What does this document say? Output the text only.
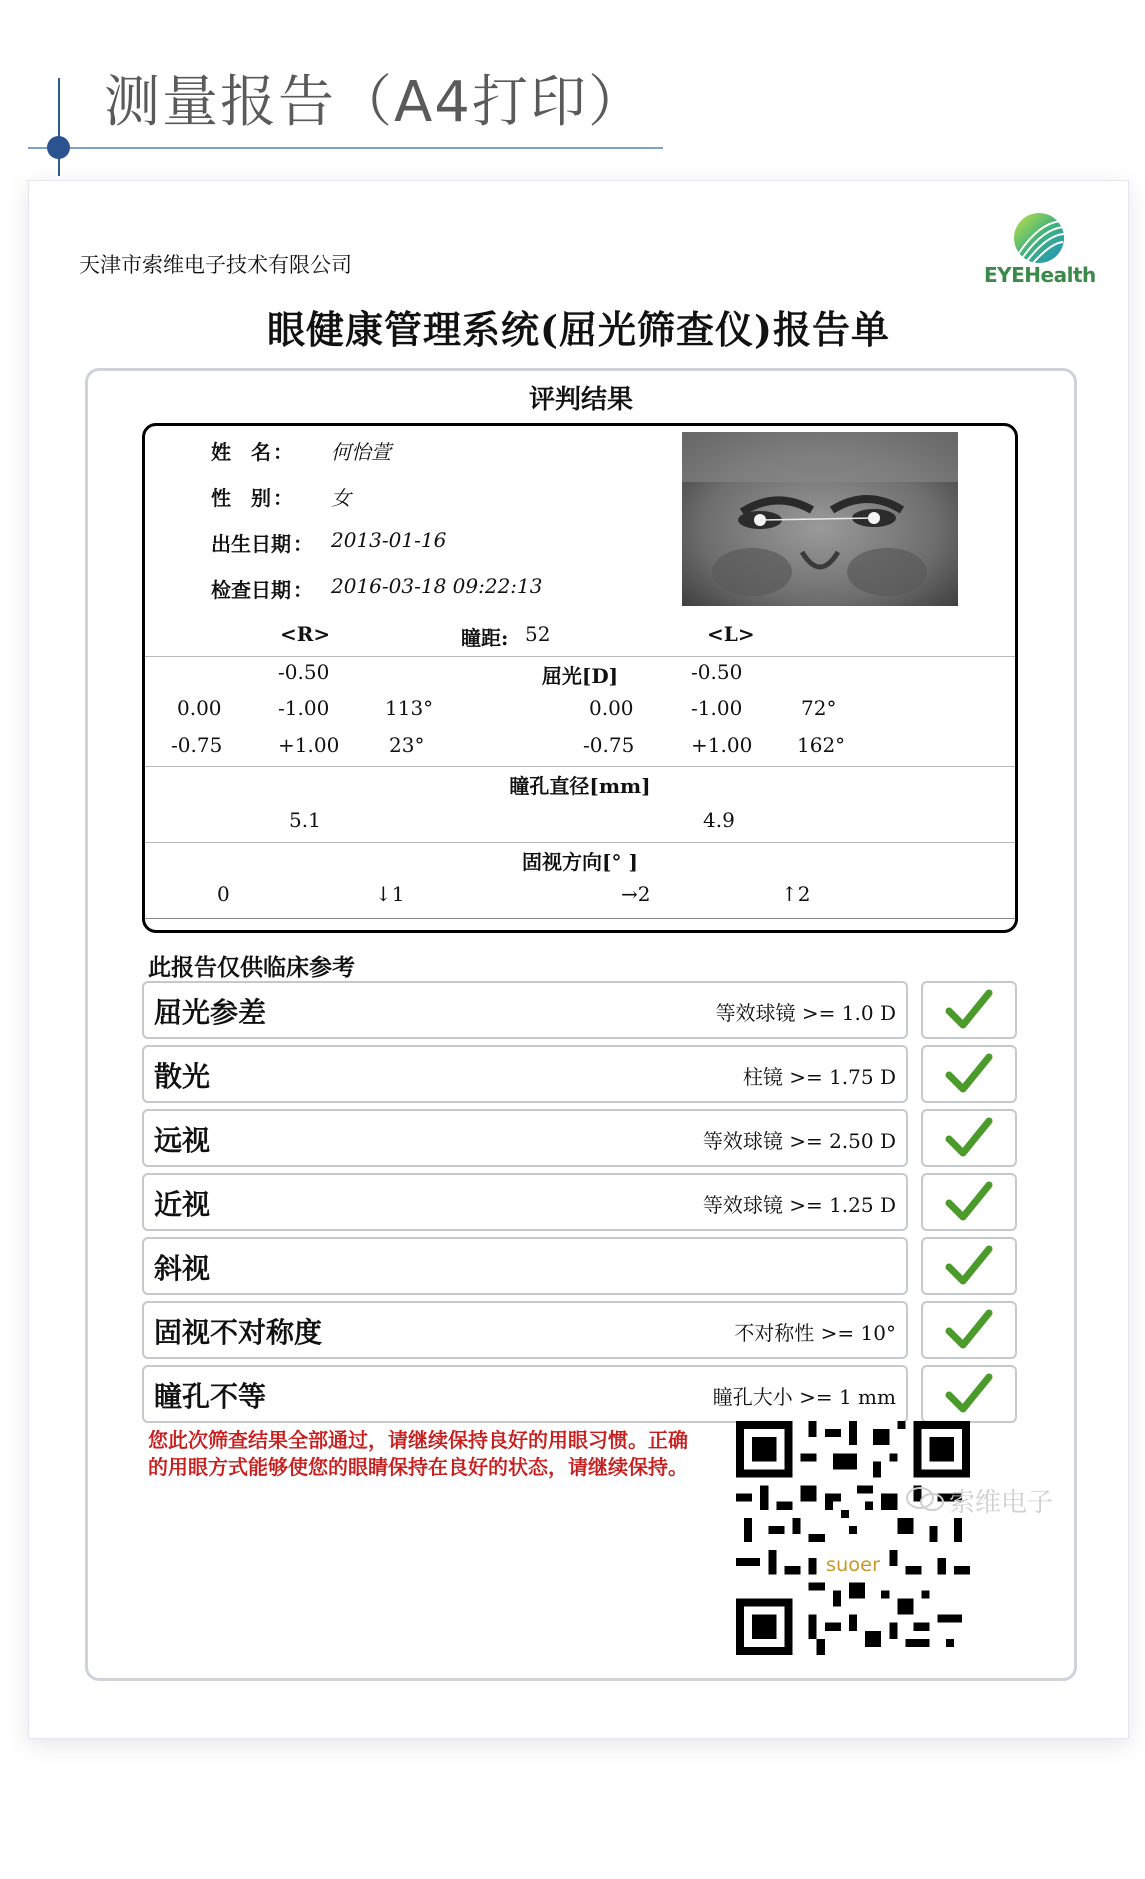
测量报告（A4打印）
天津市索维电子技术有限公司	EYEHealth
眼健康管理系统(屈光筛查仪)报告单
评判结果
姓　名 ： 何怡萱
性　别 ： 女
出生日期 ： 2013-01-16
检查日期 ： 2016-03-18 09:22:13
<R>	瞳距: 52	<L>
-0.50	屈光[D]	-0.50
0.00	-1.00	113°	0.00	-1.00	72°
-0.75	+1.00 23°	-0.75	+1.00 162°
瞳孔直径[mm]
5.1	4.9
固视方向[° ]
0	↓1	→2	↑2
此报告仅供临床参考
屈光参差	等效球镜 >= 1.0 D
散光	柱镜 >= 1.75 D
远视	等效球镜 >= 2.50 D
近视	等效球镜 >= 1.25 D
斜视
固视不对称度	不对称性 >= 10°
瞳孔不等	瞳孔大小 >= 1 mm
您此次筛查结果全部通过，请继续保持良好的用眼习惯。正确的用眼方式能够使您的眼睛保持在良好的状态，请继续保持。
suoer
索维电子
